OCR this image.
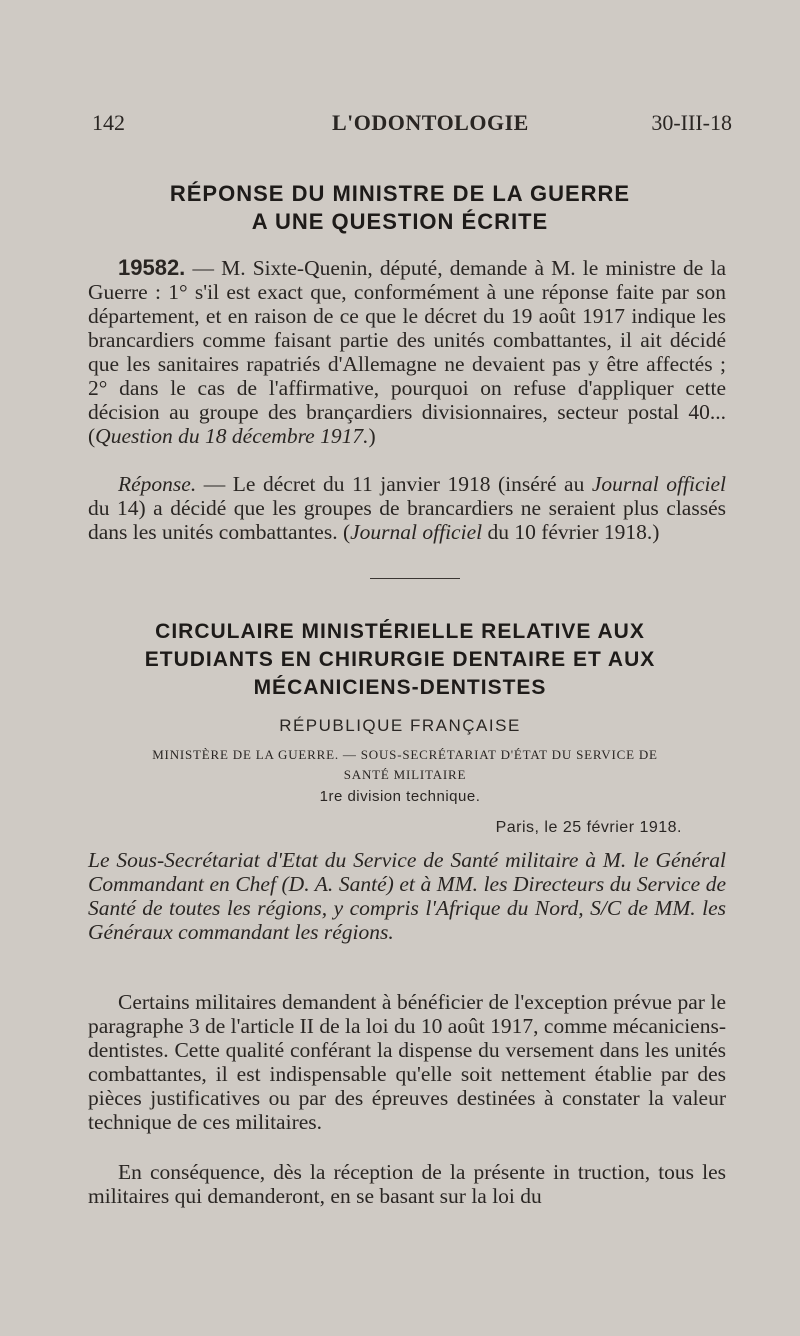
142	L'ODONTOLOGIE	30-III-18
RÉPONSE DU MINISTRE DE LA GUERRE
A UNE QUESTION ÉCRITE

19582. — M. Sixte-Quenin, député, demande à M. le ministre de la Guerre : 1° s'il est exact que, conformément à une réponse faite par son département, et en raison de ce que le décret du 19 août 1917 indique les brancardiers comme faisant partie des unités combattantes, il ait décidé que les sanitaires rapatriés d'Allemagne ne devaient pas y être affectés ; 2° dans le cas de l'affirmative, pourquoi on refuse d'appliquer cette décision au groupe des brançardiers divisionnaires, secteur postal 40... (Question du 18 décembre 1917.)

Réponse. — Le décret du 11 janvier 1918 (inséré au Journal officiel du 14) a décidé que les groupes de brancardiers ne seraient plus classés dans les unités combattantes. (Journal officiel du 10 février 1918.)

CIRCULAIRE MINISTÉRIELLE RELATIVE AUX
ETUDIANTS EN CHIRURGIE DENTAIRE ET AUX
MÉCANICIENS-DENTISTES

RÉPUBLIQUE FRANÇAISE

MINISTÈRE DE LA GUERRE. — SOUS-SECRÉTARIAT D'ÉTAT DU SERVICE DE
SANTÉ MILITAIRE

1re division technique.

Paris, le 25 février 1918.

Le Sous-Secrétariat d'Etat du Service de Santé militaire à M. le Général Commandant en Chef (D. A. Santé) et à MM. les Directeurs du Service de Santé de toutes les régions, y compris l'Afrique du Nord, S/C de MM. les Généraux commandant les régions.

Certains militaires demandent à bénéficier de l'exception prévue par le paragraphe 3 de l'article II de la loi du 10 août 1917, comme mécaniciens-dentistes. Cette qualité conférant la dispense du versement dans les unités combattantes, il est indispensable qu'elle soit nettement établie par des pièces justificatives ou par des épreuves destinées à constater la valeur technique de ces militaires.

En conséquence, dès la réception de la présente in truction, tous les militaires qui demanderont, en se basant sur la loi du
